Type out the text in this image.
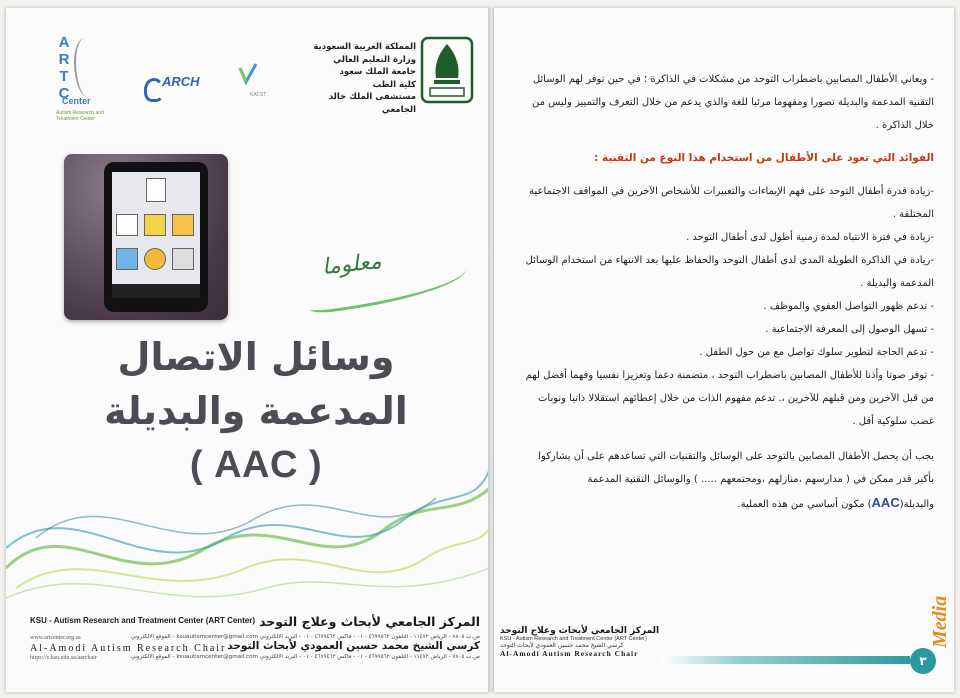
A
R
T
C
Center
Autism Research and Treatment Center
ARCH
KACST
المملكة العربية السعودية
وزارة التعليم العالي
جامعة الملك سعود
كلية الطب
مستشفى الملك خالد الجامعي
معلوما
وسائل الاتصال
المدعمة والبديلة
( AAC )
المركز الجامعي لأبحاث وعلاج التوحد
KSU - Autism Research and Treatment Center (ART Center)
www.artcenter.org.sa	ص.ب ٧٨٠٥ - الرياض ١١٤٧٢ - التلفون ٤٦٩٩٥٦٢ - ٠١ - فاكس ٤٦٧٩٤٦٣ - ٠١ - البريد الالكتروني ksuautismcenter@gmail.com - الموقع الالكتروني
كرسي الشيخ محمد حسين العمودي لأبحاث التوحد
Al-Amodi Autism Research Chair
https://c.ksu.edu.sa/aarchair	ص.ب ٧٨٠٥ - الرياض ١١٤٧٢ - التلفون ٤٦٩٩٥٦٢ - ٠١ - فاكس ٤٦٧٩٤٦٣ - ٠١ - البريد الالكتروني ksuautismcenter@gmail.com - الموقع الالكتروني

- ويعاني الأطفال المصابين باضطراب التوحد من مشكلات في الذاكرة ؛ في حين توفر لهم الوسائل التقنية المدعمة والبديلة تصورا ومفهوما مرئيا للغة والذي يدعم من خلال التعرف والتمييز وليس من خلال الذاكرة .

الفوائد التي تعود على الأطفال من استخدام هذا النوع من التقنية :

-زيادة قدرة أطفال التوحد على فهم الإيماءات والتعبيرات للأشخاص الآخرين في المواقف الاجتماعية المختلفة .

-زيادة في فترة الانتباه لمدة زمنية أطول لدى أطفال التوحد .

-زيادة في الذاكرة الطويلة المدى لدى أطفال التوحد والحفاظ عليها بعد الانتهاء من استخدام الوسائل المدعمة والبديلة .

- تدعم ظهور التواصل العفوي والموظف .

- تسهل الوصول إلى المعرفة الاجتماعية .

- تدعم الحاجة لتطوير سلوك تواصل مع من حول الطفل .

- توفر صوتا وأذنا للأطفال المصابين باضطراب التوحد ، متضمنة دعما وتعزيزا نفسيا وفهما أفضل لهم من قبل الآخرين ومن قبلهم للآخرين ،. تدعم مفهوم الذات من خلال إعطائهم استقلالا ذاتيا ونوبات غضب سلوكية أقل .

يجب أن يحصل الأطفال المصابين بالتوحد على الوسائل والتقنيات التي تساعدهم على أن يشاركوا بأكبر قدر ممكن في ( مدارسهم ،منازلهم ،ومجتمعهم ..... ) والوسائل التقنية المدعمة والبديلة(AAC) مكون أساسي من هذه العملية.

Media
المركز الجامعي لأبحاث وعلاج التوحد
KSU - Autism Research and Treatment Center (ART Center)
كرسي الشيخ محمد حسين العمودي لأبحاث التوحد
Al-Amodi Autism Research Chair
٣
